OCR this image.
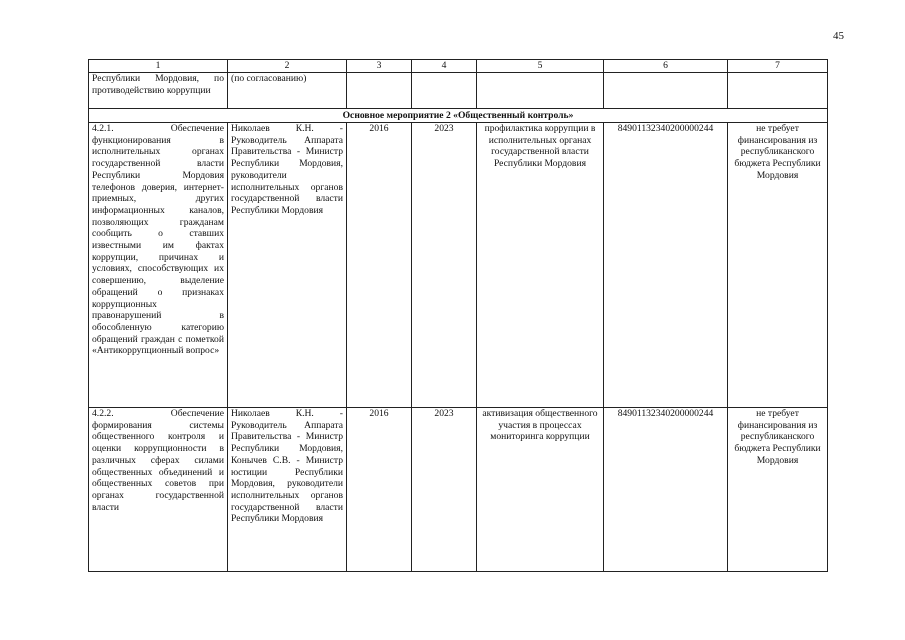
45
1	2	3	4	5	6	7
Республики Мордовия, по противодействию коррупции	(по согласованию)					
Основное мероприятие 2 «Общественный контроль»						
4.2.1. Обеспечение функционирования в исполнительных органах государственной власти Республики Мордовия телефонов доверия, интернет-приемных, других информационных каналов, позволяющих гражданам сообщить о ставших известными им фактах коррупции, причинах и условиях, способствующих их совершению, выделение обращений о признаках коррупционных правонарушений в обособленную категорию обращений граждан с пометкой «Антикоррупционный вопрос»	Николаев К.Н. - Руководитель Аппарата Правительства - Министр Республики Мордовия, руководители исполнительных органов государственной власти Республики Мордовия	2016	2023	профилактика коррупции в исполнительных органах государственной власти Республики Мордовия	84901132340200000244	не требует финансирования из республиканского бюджета Республики Мордовия
4.2.2. Обеспечение формирования системы общественного контроля и оценки коррупционности в различных сферах силами общественных объединений и общественных советов при органах государственной власти	Николаев К.Н. - Руководитель Аппарата Правительства - Министр Республики Мордовия, Конычев С.В. - Министр юстиции Республики Мордовия, руководители исполнительных органов государственной власти Республики Мордовия	2016	2023	активизация общественного участия в процессах мониторинга коррупции	84901132340200000244	не требует финансирования из республиканского бюджета Республики Мордовия
